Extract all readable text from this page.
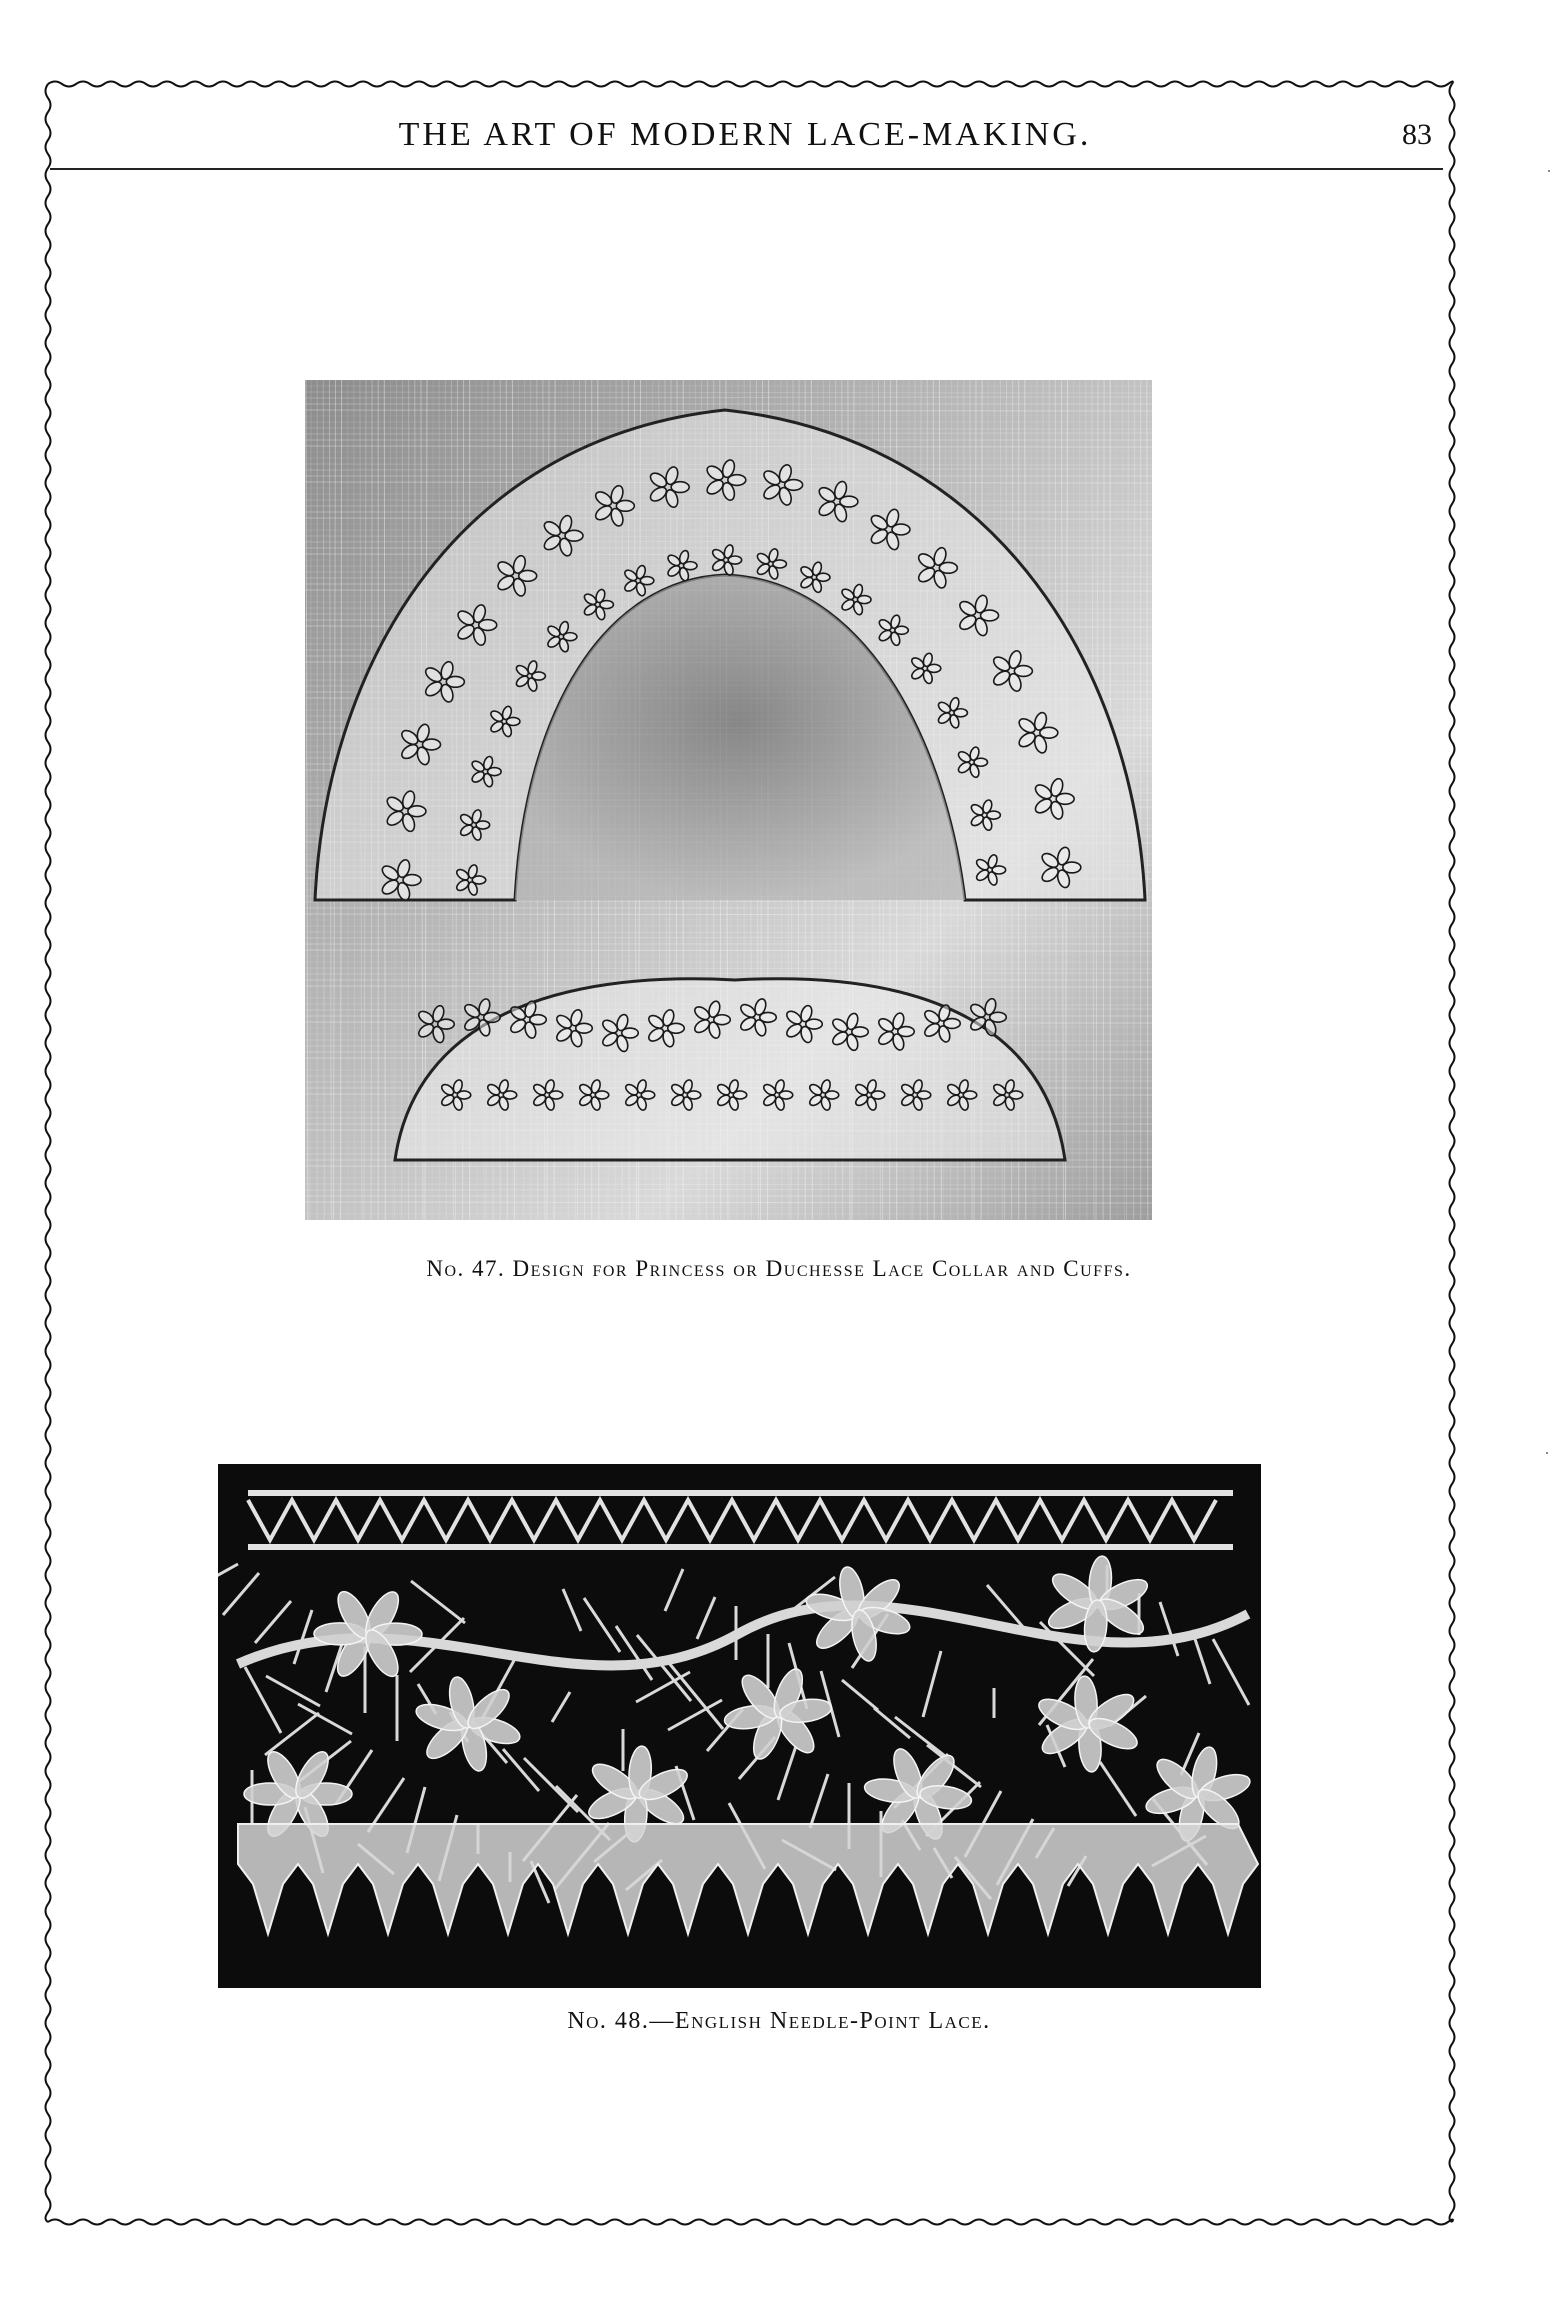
THE ART OF MODERN LACE-MAKING.	83
No. 47. Design for Princess or Duchesse Lace Collar and Cuffs.
No. 48.—English Needle-Point Lace.
